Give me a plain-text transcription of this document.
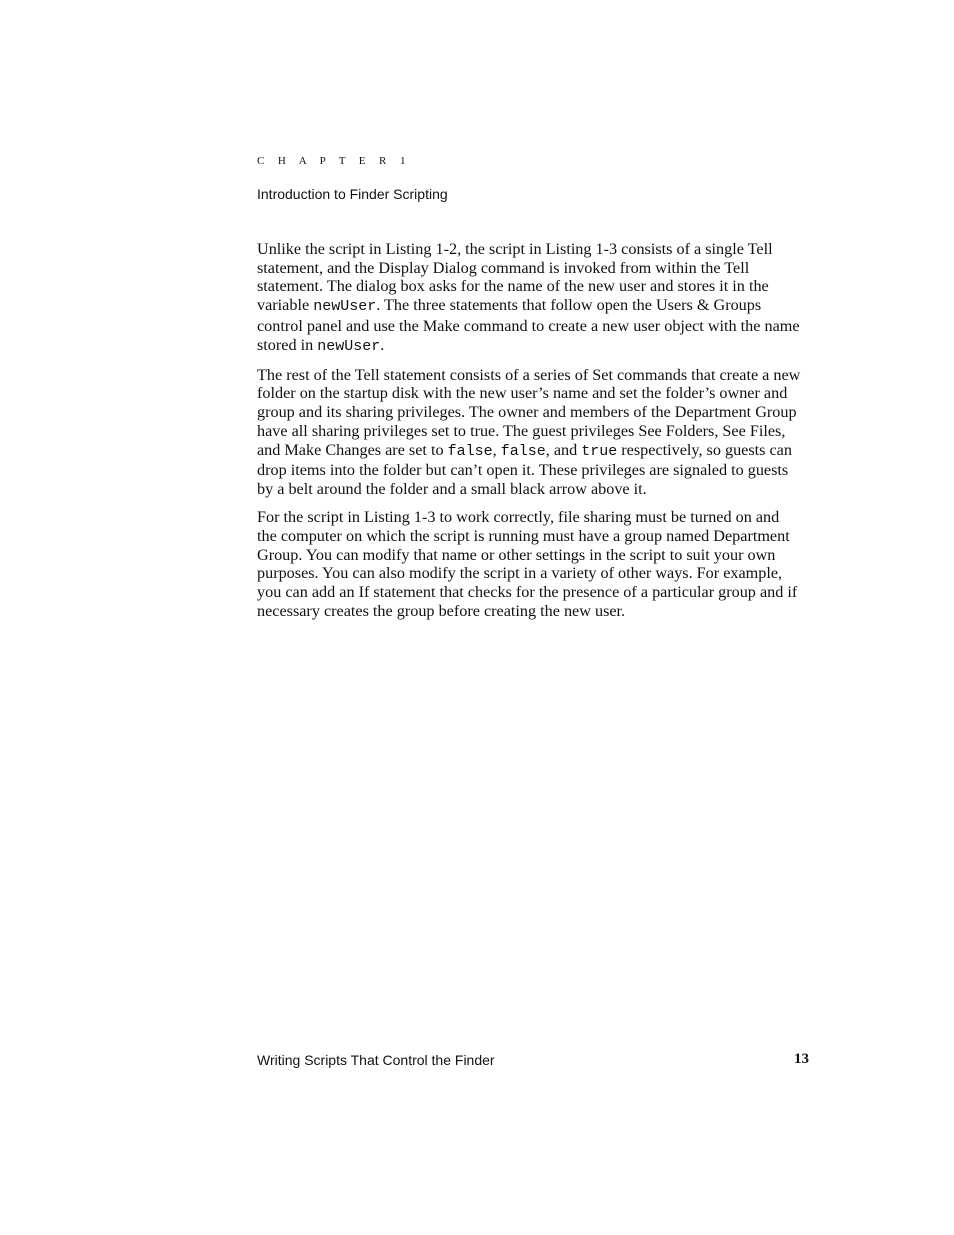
C H A P T E R 1
Introduction to Finder Scripting

Unlike the script in Listing 1-2, the script in Listing 1-3 consists of a single Tell statement, and the Display Dialog command is invoked from within the Tell statement. The dialog box asks for the name of the new user and stores it in the variable newUser. The three statements that follow open the Users & Groups control panel and use the Make command to create a new user object with the name stored in newUser.

The rest of the Tell statement consists of a series of Set commands that create a new folder on the startup disk with the new user’s name and set the folder’s owner and group and its sharing privileges. The owner and members of the Department Group have all sharing privileges set to true. The guest privileges See Folders, See Files, and Make Changes are set to false, false, and true respectively, so guests can drop items into the folder but can’t open it. These privileges are signaled to guests by a belt around the folder and a small black arrow above it.

For the script in Listing 1-3 to work correctly, file sharing must be turned on and the computer on which the script is running must have a group named Department Group. You can modify that name or other settings in the script to suit your own purposes. You can also modify the script in a variety of other ways. For example, you can add an If statement that checks for the presence of a particular group and if necessary creates the group before creating the new user.

Writing Scripts That Control the Finder	13
